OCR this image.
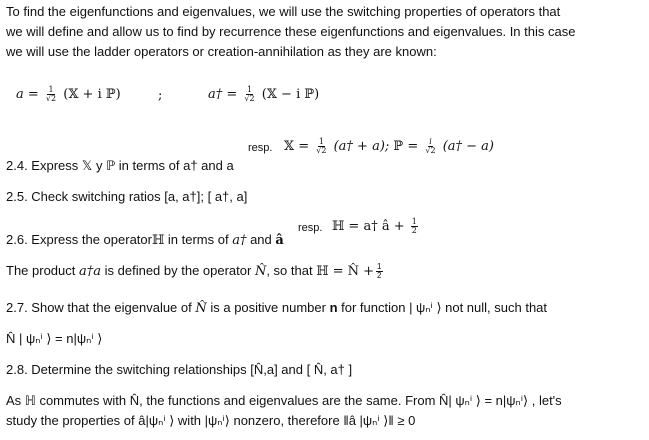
To find the eigenfunctions and eigenvalues, we will use the switching properties of operators that
we will define and allow us to find by recurrence these eigenfunctions and eigenvalues. In this case
we will use the ladder operators or creation-annihilation as they are known:
$a = \frac{1}{√2}$ (𝕏 + i ℙ)	;	a† = $\frac{1}{√2}$ (𝕏 − i ℙ)
resp. 𝕏 = $\frac{1}{√2}$ (a† + a); ℙ = $\frac{i}{√2}$ (a† − a)
2.4. Express 𝕏 y ℙ in terms of a† and a
2.5. Check switching ratios [a, a†]; [ a†, a]
resp. ℍ = a† â + $\frac{1}{2}$
2.6. Express the operatorℍ in terms of a† and â
The product a†a is defined by the operator N̂, so that ℍ = N̂ + $\frac{1}{2}$
2.7. Show that the eigenvalue of N̂ is a positive number n for function | ψₙⁱ ⟩ not null, such that
N̂ | ψₙⁱ ⟩ = n|ψₙⁱ ⟩
2.8. Determine the switching relationships [N̂,a] and [ N̂, a† ]
As ℍ commutes with N̂, the functions and eigenvalues are the same. From N̂| ψₙⁱ ⟩ = n|ψₙⁱ⟩ , let's
study the properties of â|ψₙⁱ ⟩ with |ψₙⁱ⟩ nonzero, therefore ‖â |ψₙⁱ ⟩‖ ≥ 0
